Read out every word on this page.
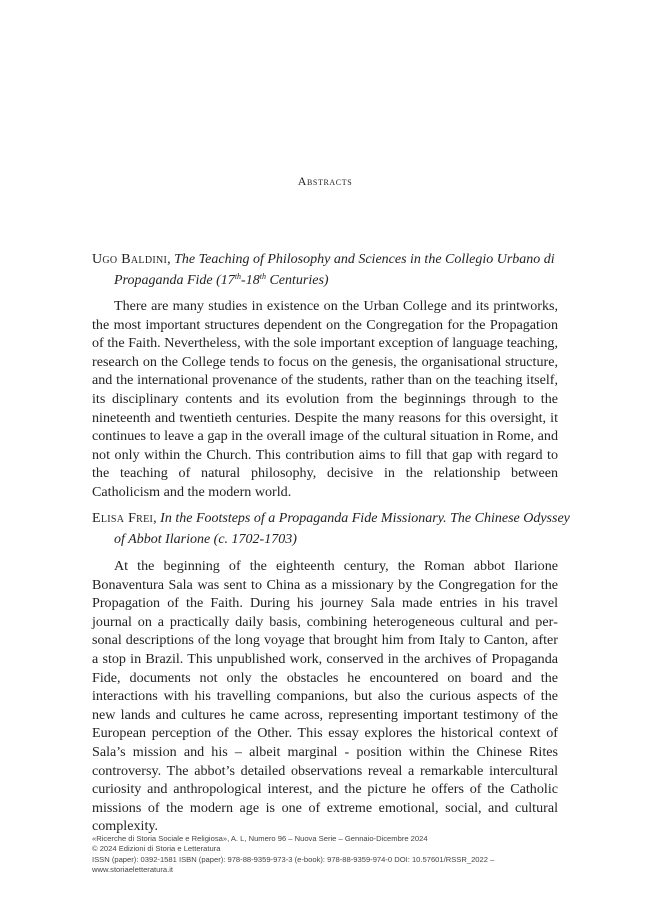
Abstracts

Ugo Baldini, The Teaching of Philosophy and Sciences in the Collegio Urbano di Propaganda Fide (17th-18th Centuries)

There are many studies in existence on the Urban College and its printworks, the most important structures dependent on the Congregation for the Propagation of the Faith. Nevertheless, with the sole important exception of language teaching, research on the College tends to focus on the genesis, the organisational structure, and the international provenance of the students, rather than on the teaching itself, its disciplinary contents and its evolution from the beginnings through to the nineteenth and twentieth centuries. Despite the many reasons for this oversight, it continues to leave a gap in the overall image of the cultural situation in Rome, and not only within the Church. This contribution aims to fill that gap with regard to the teaching of natural philosophy, decisive in the relationship between Catholicism and the modern world.

Elisa Frei, In the Footsteps of a Propaganda Fide Missionary. The Chinese Odyssey of Abbot Ilarione (c. 1702-1703)

At the beginning of the eighteenth century, the Roman abbot Ilarione Bonaventura Sala was sent to China as a missionary by the Congregation for the Propagation of the Faith. During his journey Sala made entries in his travel journal on a practically daily basis, combining heterogeneous cultural and personal descriptions of the long voyage that brought him from Italy to Canton, after a stop in Brazil. This unpublished work, conserved in the archives of Propaganda Fide, documents not only the obstacles he encountered on board and the interactions with his travelling companions, but also the curious aspects of the new lands and cultures he came across, representing important testimony of the European perception of the Other. This essay explores the historical context of Sala’s mission and his – albeit marginal - position within the Chinese Rites controversy. The abbot’s detailed observations reveal a remarkable intercultural curiosity and anthropological interest, and the picture he offers of the Catholic missions of the modern age is one of extreme emotional, social, and cultural complexity.

«Ricerche di Storia Sociale e Religiosa», A. L, Numero 96 – Nuova Serie – Gennaio-Dicembre 2024
© 2024 Edizioni di Storia e Letteratura
ISSN (paper): 0392-1581 ISBN (paper): 978-88-9359-973-3 (e-book): 978-88-9359-974-0 DOI: 10.57601/RSSR_2022 –
www.storiaeletteratura.it
